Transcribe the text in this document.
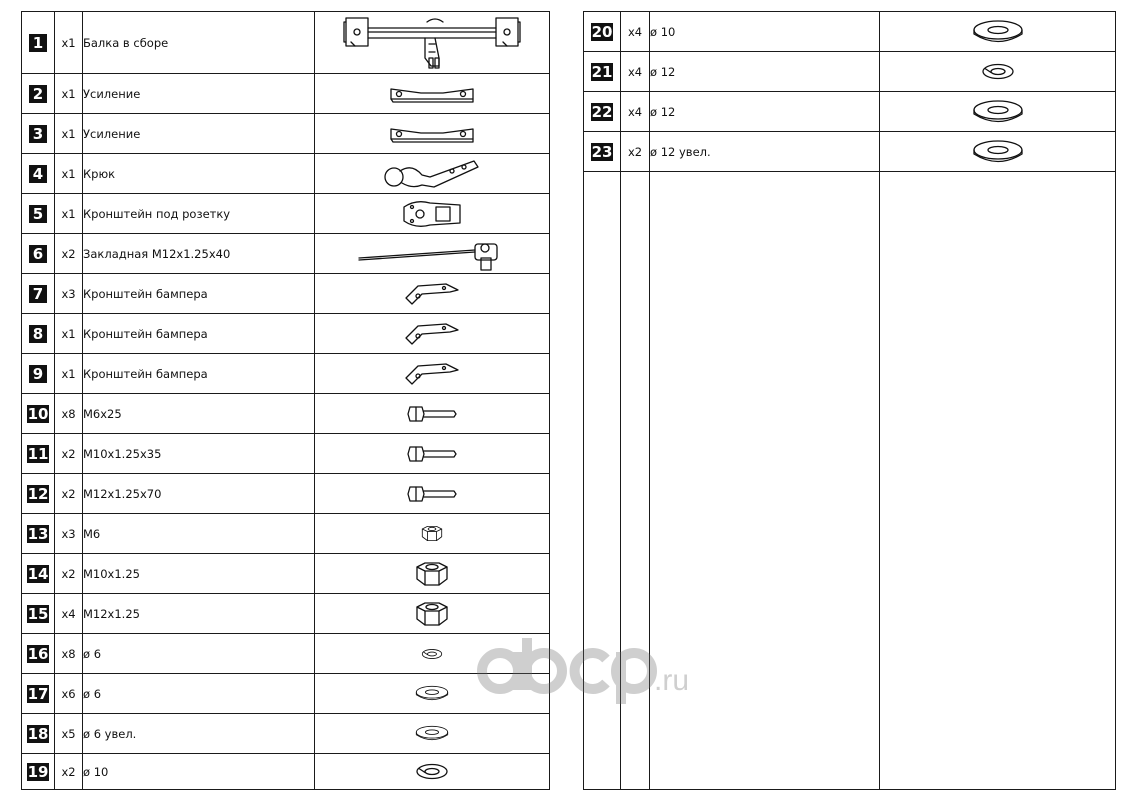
1	x1	Балка в сборе	

2	x1	Усиление	

3	x1	Усиление	

4	x1	Крюк	

5	x1	Кронштейн под розетку	

6	x2	Закладная М12х1.25х40	

7	x3	Кронштейн бампера	

8	x1	Кронштейн бампера	

9	x1	Кронштейн бампера	

10	x8	М6х25	

11	x2	М10х1.25х35	

12	x2	М12х1.25х70	

13	x3	М6	

14	x2	М10х1.25	

15	x4	М12х1.25	

16	x8	ø 6	

17	x6	ø 6	

18	x5	ø 6 увел.	

19	x2	ø 10	
20	x4	ø 10	

21	x4	ø 12	

22	x4	ø 12	

23	x2	ø 12 увел.	

.ru
